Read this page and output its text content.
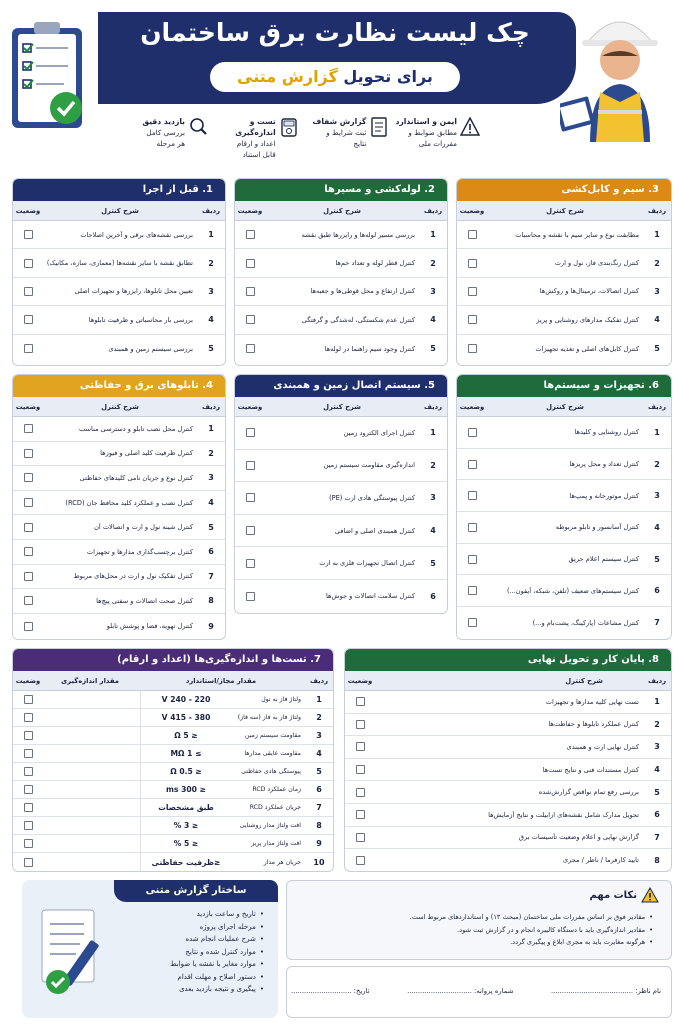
چک لیست نظارت برق ساختمان
برای تحویل گزارش متنی
ایمن و استاندارد
مطابق ضوابط و
مقررات ملی
گزارش شفاف
ثبت شرایط و
نتایج
تست و اندازه‌گیری
اعداد و ارقام
قابل استناد
بازدید دقیق
بررسی کامل
هر مرحله
3. سیم و کابل‌کشی
ردیف
شرح کنترل
وضعیت
1
مطابقت نوع و سایز سیم با نقشه و محاسبات
2
کنترل رنگ‌بندی فاز، نول و ارت
3
کنترل اتصالات، ترمینال‌ها و روکش‌ها
4
کنترل تفکیک مدارهای روشنایی و پریز
5
کنترل کابل‌های اصلی و تغذیه تجهیزات
2. لوله‌کشی و مسیرها
ردیف
شرح کنترل
وضعیت
1
بررسی مسیر لوله‌ها و رایزرها طبق نقشه
2
کنترل قطر لوله و تعداد خم‌ها
3
کنترل ارتفاع و محل قوطی‌ها و جعبه‌ها
4
کنترل عدم شکستگی، له‌شدگی و گرفتگی
5
کنترل وجود سیم راهنما در لوله‌ها
1. قبل از اجرا
ردیف
شرح کنترل
وضعیت
1
بررسی نقشه‌های برقی و آخرین اصلاحات
2
تطابق نقشه با سایر نقشه‌ها (معماری، سازه، مکانیک)
3
تعیین محل تابلوها، رایزرها و تجهیزات اصلی
4
بررسی بار محاسباتی و ظرفیت تابلوها
5
بررسی سیستم زمین و همبندی
6. تجهیزات و سیستم‌ها
ردیف
شرح کنترل
وضعیت
1
کنترل روشنایی و کلیدها
2
کنترل تعداد و محل پریزها
3
کنترل موتورخانه و پمپ‌ها
4
کنترل آسانسور و تابلو مربوطه
5
کنترل سیستم اعلام حریق
6
کنترل سیستم‌های ضعیف (تلفن، شبکه، آیفون...)
7
کنترل مشاعات (پارکینگ، پشت‌بام و...)
5. سیستم اتصال زمین و همبندی
ردیف
شرح کنترل
وضعیت
1
کنترل اجرای الکترود زمین
2
اندازه‌گیری مقاومت سیستم زمین
3
کنترل پیوستگی هادی ارت (PE)
4
کنترل همبندی اصلی و اضافی
5
کنترل اتصال تجهیزات فلزی به ارت
6
کنترل سلامت اتصالات و جوش‌ها
4. تابلوهای برق و حفاظتی
ردیف
شرح کنترل
وضعیت
1
کنترل محل نصب تابلو و دسترسی مناسب
2
کنترل ظرفیت کلید اصلی و فیوزها
3
کنترل نوع و جریان نامی کلیدهای حفاظتی
4
کنترل نصب و عملکرد کلید محافظ جان (RCD)
5
کنترل شینه نول و ارت و اتصالات آن
6
کنترل برچسب‌گذاری مدارها و تجهیزات
7
کنترل تفکیک نول و ارت در محل‌های مربوط
8
کنترل صحت اتصالات و سفتی پیچ‌ها
9
کنترل تهویه، فضا و پوشش تابلو
8. پایان کار و تحویل نهایی
ردیف
شرح کنترل
وضعیت
1
تست نهایی کلیه مدارها و تجهیزات
2
کنترل عملکرد تابلوها و حفاظت‌ها
3
کنترل نهایی ارت و همبندی
4
کنترل مستندات فنی و نتایج تست‌ها
5
بررسی رفع تمام نواقص گزارش‌شده
6
تحویل مدارک شامل نقشه‌های ازابیلت و نتایج آزمایش‌ها
7
گزارش نهایی و اعلام وضعیت تأسیسات برق
8
تایید کارفرما / ناظر / مجری
7. تست‌ها و اندازه‌گیری‌ها (اعداد و ارقام)
ردیف
مقدار مجاز/استاندارد
مقدار اندازه‌گیری
وضعیت
1
ولتاژ فاز به نول
220 - 240 V
2
ولتاژ فاز به فاز (سه فاز)
380 - 415 V
3
مقاومت سیستم زمین
≤ 5 Ω
4
مقاومت عایقی مدارها
≥ 1 MΩ
5
پیوستگی هادی حفاظتی
≤ 0.5 Ω
6
زمان عملکرد RCD
≤ 300 ms
7
جریان عملکرد RCD
طبق مشخصات
8
افت ولتاژ مدار روشنایی
≤ 3 %
9
افت ولتاژ مدار پریز
≤ 5 %
10
جریان هر مدار
≤ظرفیت حفاظتی
ساختار گزارش متنی
• تاریخ و ساعت بازدید
• مرحله اجرای پروژه
• شرح عملیات انجام شده
• موارد کنترل شده و نتایج
• موارد مغایر با نقشه یا ضوابط
• دستور اصلاح و مهلت اقدام
• پیگیری و نتیجه بازدید بعدی
نکات مهم
• مقادیر فوق بر اساس مقررات ملی ساختمان (مبحث ۱۳) و استانداردهای مربوط است.
• مقادیر اندازه‌گیری باید با دستگاه کالیبره انجام و در گزارش ثبت شود.
• هرگونه مغایرت باید به مجری ابلاغ و پیگیری گردد.
نام ناظر: ......................................
شماره پروانه: ..............................
تاریخ: ............................
